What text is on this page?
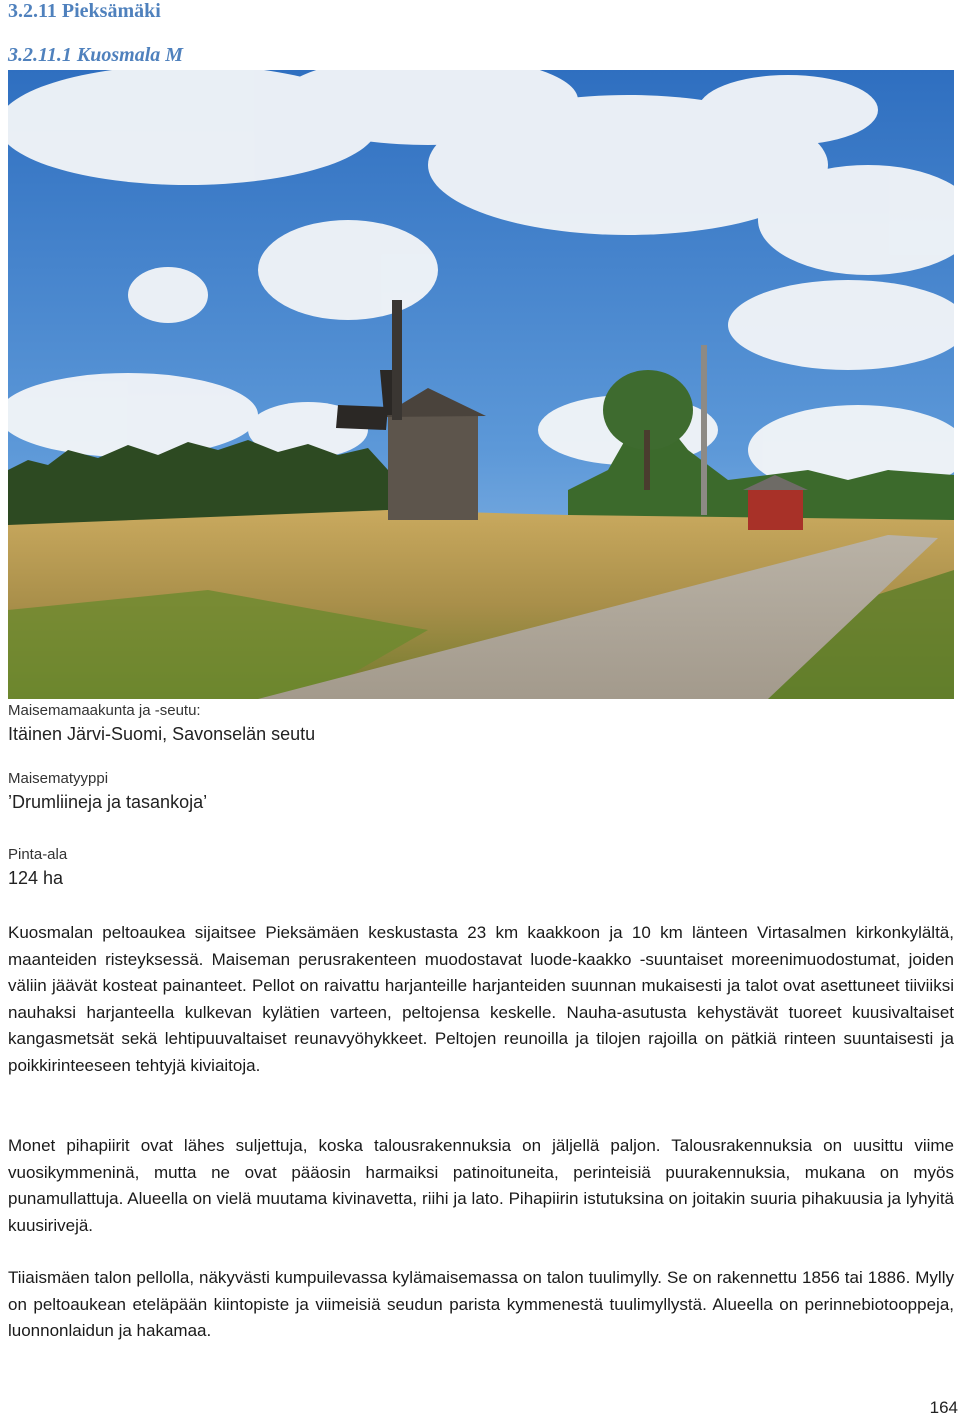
3.2.11 Pieksämäki
3.2.11.1 Kuosmala M
Maisemamaakunta ja -seutu:
Itäinen Järvi-Suomi, Savonselän seutu
Maisematyyppi
’Drumliineja ja tasankoja’
Pinta-ala
124 ha
Kuosmalan peltoaukea sijaitsee Pieksämäen keskustasta 23 km kaakkoon ja 10 km länteen Virtasalmen kirkonkylältä, maanteiden risteyksessä. Maiseman perusrakenteen muodostavat luode-kaakko -suuntaiset moreenimuodostumat, joiden väliin jäävät kosteat painanteet. Pellot on raivattu harjanteille harjanteiden suunnan mukaisesti ja talot ovat asettuneet tiiviiksi nauhaksi harjanteella kulkevan kylätien varteen, peltojensa keskelle. Nauha-asutusta kehystävät tuoreet kuusivaltaiset kangasmetsät sekä lehtipuuvaltaiset reunavyöhykkeet. Peltojen reunoilla ja tilojen rajoilla on pätkiä rinteen suuntaisesti ja poikkirinteeseen tehtyjä kiviaitoja.
Monet pihapiirit ovat lähes suljettuja, koska talousrakennuksia on jäljellä paljon. Talousrakennuksia on uusittu viime vuosikymmeninä, mutta ne ovat pääosin harmaiksi patinoituneita, perinteisiä puurakennuksia, mukana on myös punamullattuja. Alueella on vielä muutama kivinavetta, riihi ja lato. Pihapiirin istutuksina on joitakin suuria pihakuusia ja lyhyitä kuusirivejä.
Tiiaismäen talon pellolla, näkyvästi kumpuilevassa kylämaisemassa on talon tuulimylly. Se on rakennettu 1856 tai 1886. Mylly on peltoaukean eteläpään kiintopiste ja viimeisiä seudun parista kymmenestä tuulimyllystä. Alueella on perinnebiotooppeja, luonnonlaidun ja hakamaa.
164
